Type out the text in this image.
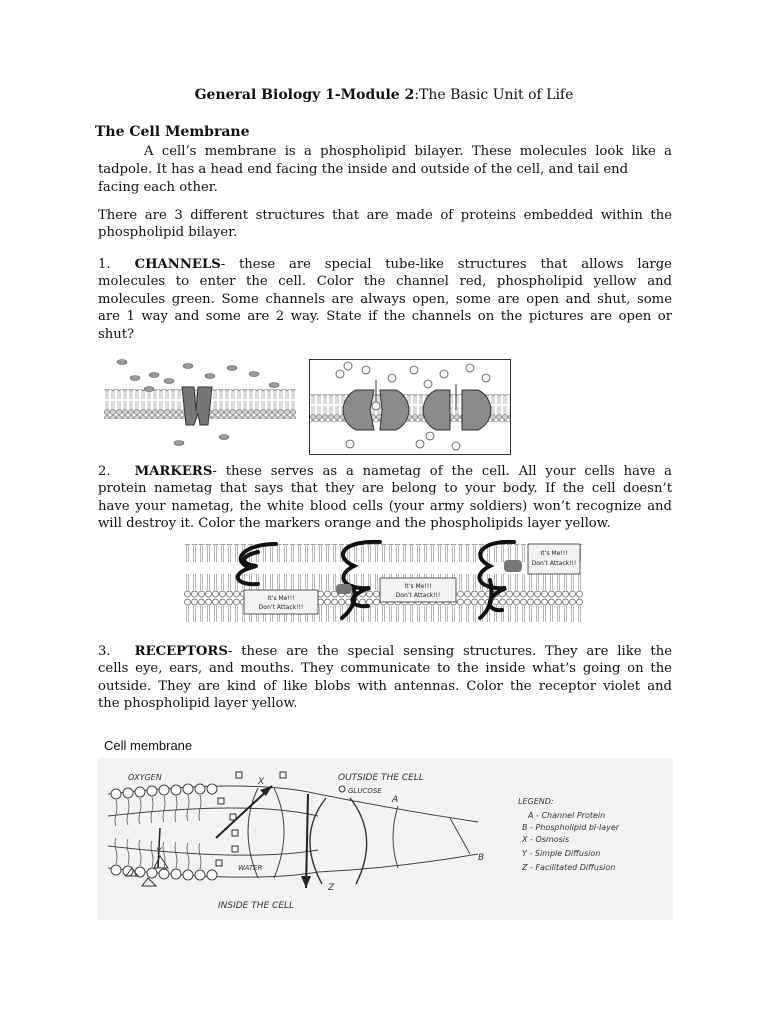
General Biology 1-Module 2:The Basic Unit of Life
The Cell Membrane
A cell’s membrane is a phospholipid bilayer. These molecules look like a
tadpole. It has a head end facing the inside and outside of the cell, and tail end
facing each other.
There are 3 different structures that are made of proteins embedded within the
phospholipid bilayer.
1. CHANNELS- these are special tube-like structures that allows large
molecules to enter the cell. Color the channel red, phospholipid yellow and
molecules green. Some channels are always open, some are open and shut, some
are 1 way and some are 2 way. State if the channels on the pictures are open or
shut?
2. MARKERS- these serves as a nametag of the cell. All your cells have a
protein nametag that says that they are belong to your body. If the cell doesn’t
have your nametag, the white blood cells (your army soldiers) won’t recognize and
will destroy it. Color the markers orange and the phospholipids layer yellow.
It’s Me!!!
Don’t Attack!!!
It’s Me!!!
Don’t Attack!!!
It’s Me!!!
Don’t Attack!!!
3. RECEPTORS- these are the special sensing structures. They are like the
cells eye, ears, and mouths. They communicate to the inside what’s going on the
outside. They are kind of like blobs with antennas. Color the receptor violet and
the phospholipid layer yellow.
Cell membrane
OXYGEN	OUTSIDE THE CELL
GLUCOSE
WATER
INSIDE THE CELL
A
B
X
Y
Z
LEGEND:
A - Channel Protein
B - Phospholipid bi-layer
X - Osmosis
Y - Simple Diffusion
Z - Facilitated Diffusion
